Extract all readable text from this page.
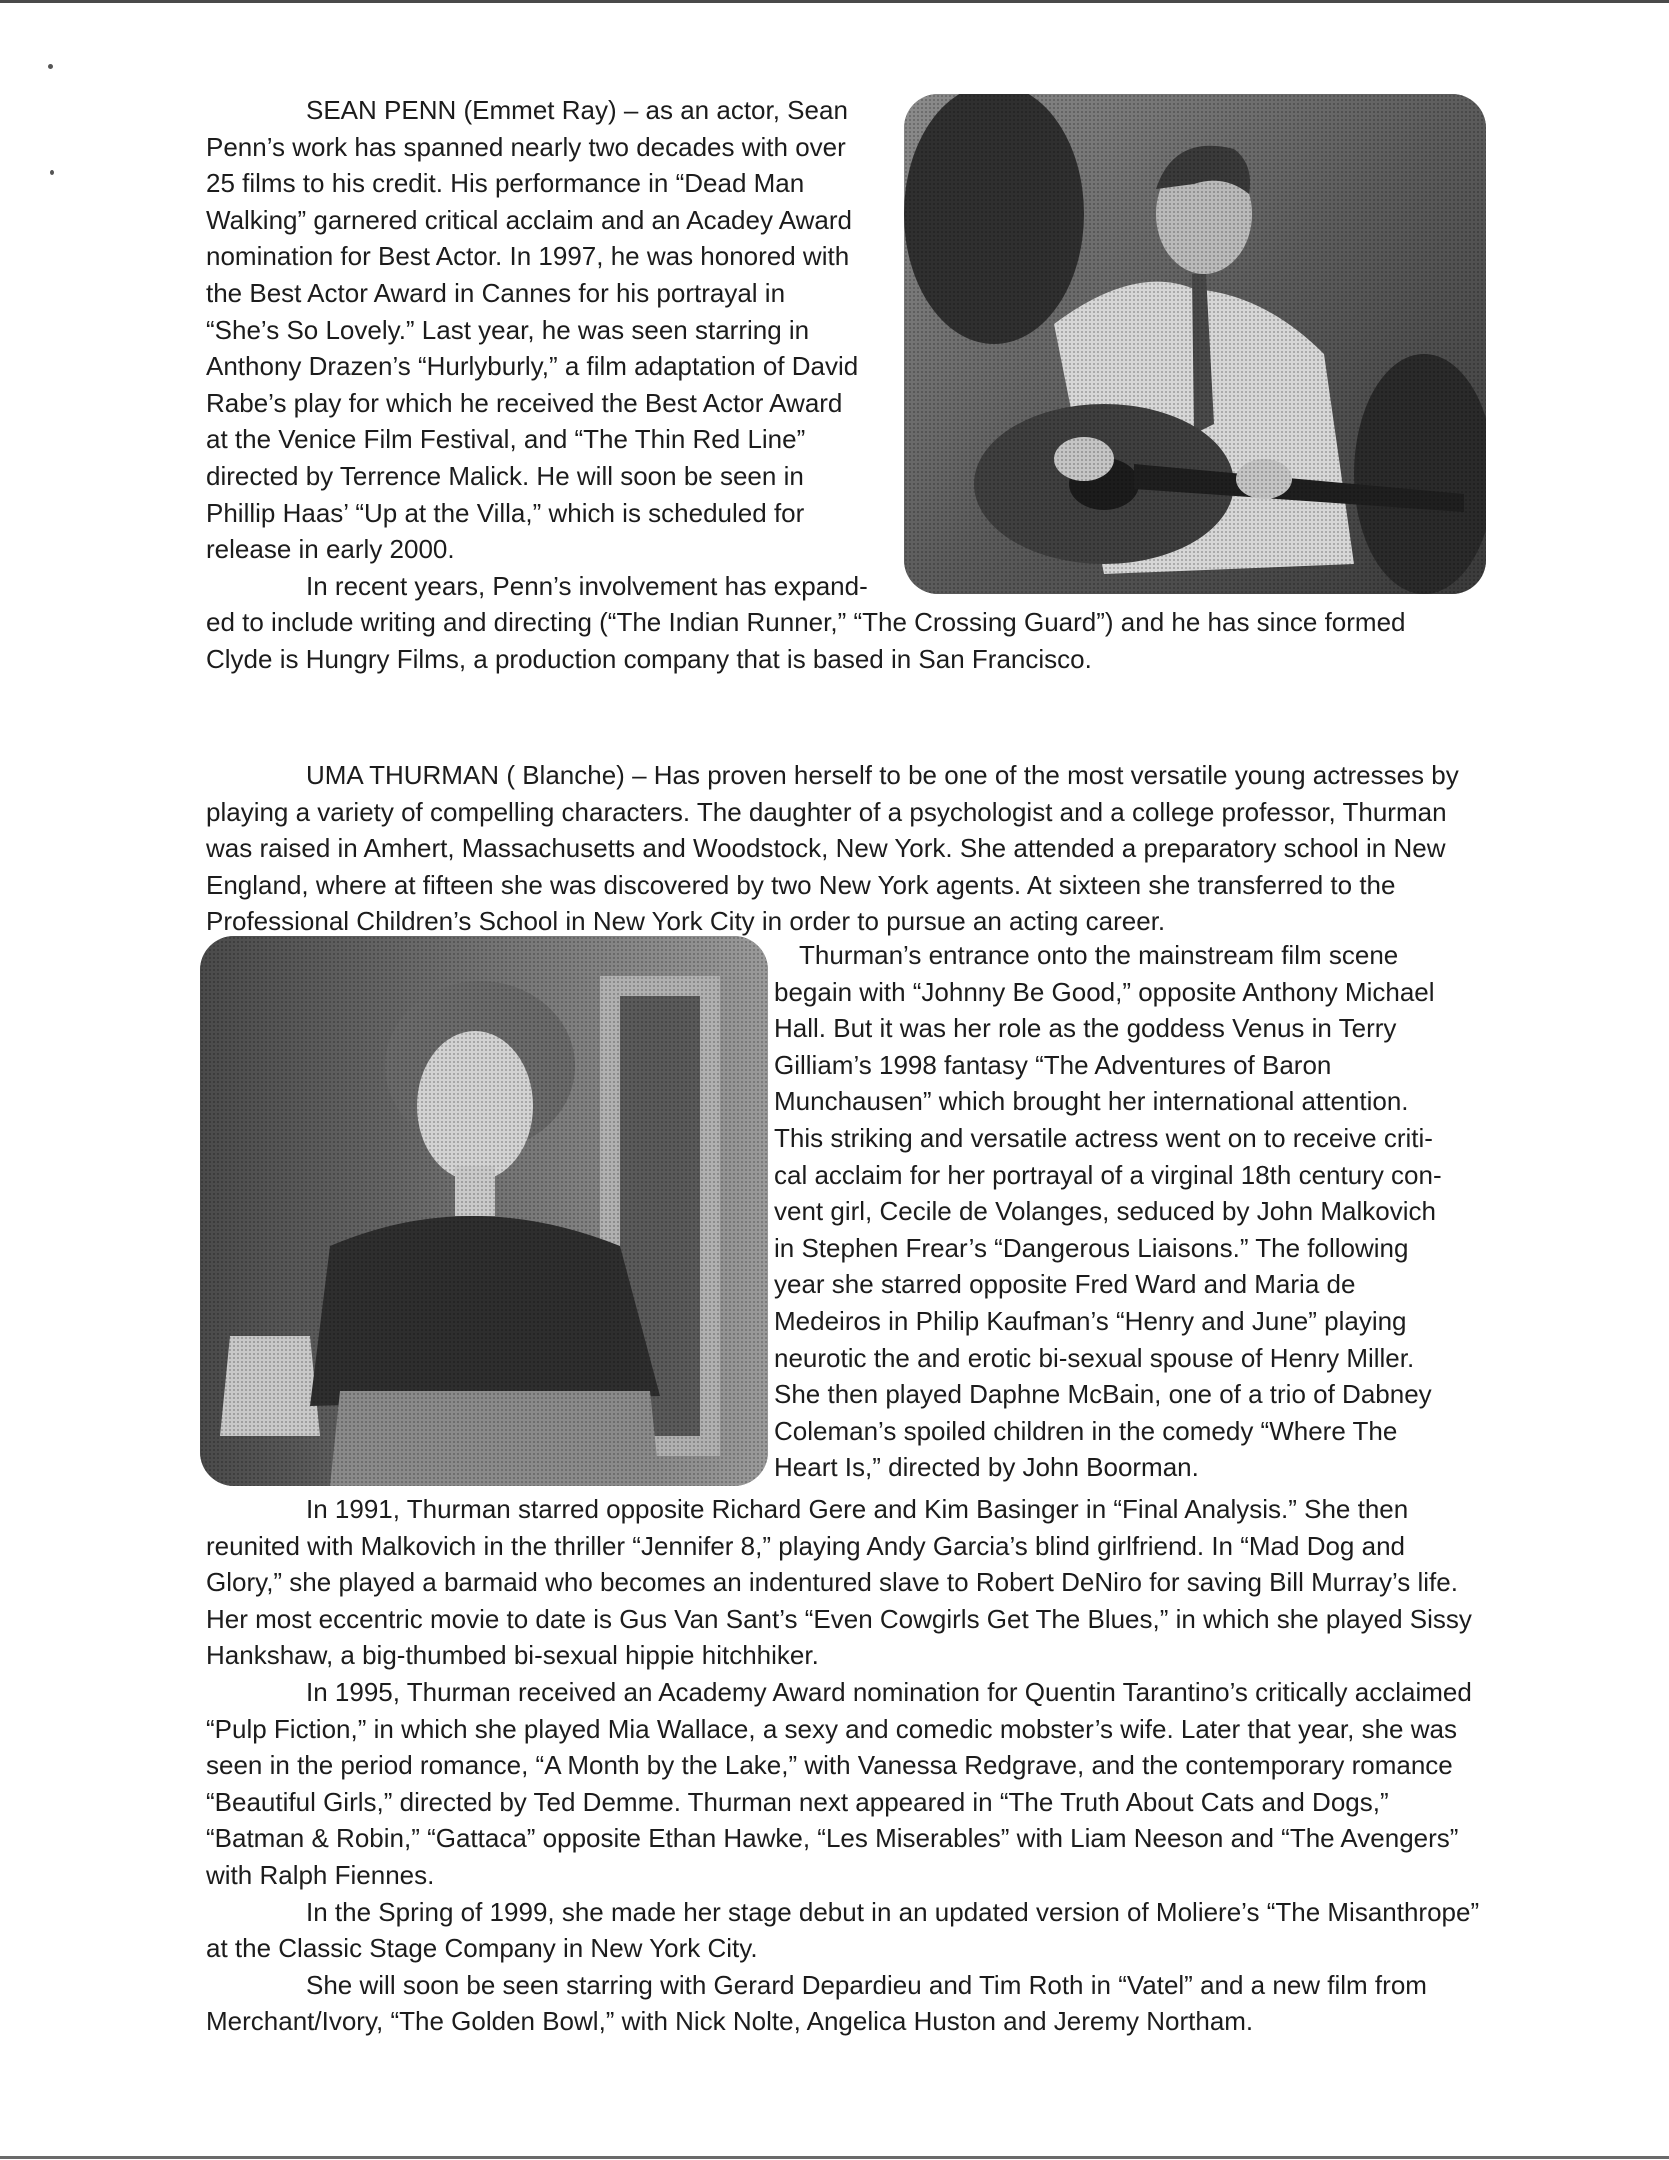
SEAN PENN (Emmet Ray) – as an actor, Sean
Penn’s work has spanned nearly two decades with over
25 films to his credit. His performance in “Dead Man
Walking” garnered critical acclaim and an Acadey Award
nomination for Best Actor. In 1997, he was honored with
the Best Actor Award in Cannes for his portrayal in
“She’s So Lovely.” Last year, he was seen starring in
Anthony Drazen’s “Hurlyburly,” a film adaptation of David
Rabe’s play for which he received the Best Actor Award
at the Venice Film Festival, and “The Thin Red Line”
directed by Terrence Malick. He will soon be seen in
Phillip Haas’ “Up at the Villa,” which is scheduled for
release in early 2000.
In recent years, Penn’s involvement has expand-
ed to include writing and directing (“The Indian Runner,” “The Crossing Guard”) and he has since formed Clyde is Hungry Films, a production company that is based in San Francisco.

UMA THURMAN ( Blanche) – Has proven herself to be one of the most versatile young actresses by playing a variety of compelling characters. The daughter of a psychologist and a college professor, Thurman was raised in Amhert, Massachusetts and Woodstock, New York. She attended a preparatory school in New England, where at fifteen she was discovered by two New York agents. At sixteen she transferred to the Professional Children’s School in New York City in order to pursue an acting career.

Thurman’s entrance onto the mainstream film scene
begain with “Johnny Be Good,” opposite Anthony Michael
Hall. But it was her role as the goddess Venus in Terry
Gilliam’s 1998 fantasy “The Adventures of Baron
Munchausen” which brought her international attention.
This striking and versatile actress went on to receive criti-
cal acclaim for her portrayal of a virginal 18th century con-
vent girl, Cecile de Volanges, seduced by John Malkovich
in Stephen Frear’s “Dangerous Liaisons.” The following
year she starred opposite Fred Ward and Maria de
Medeiros in Philip Kaufman’s “Henry and June” playing
neurotic the and erotic bi-sexual spouse of Henry Miller.
She then played Daphne McBain, one of a trio of Dabney
Coleman’s spoiled children in the comedy “Where The
Heart Is,” directed by John Boorman.

In 1991, Thurman starred opposite Richard Gere and Kim Basinger in “Final Analysis.” She then reunited with Malkovich in the thriller “Jennifer 8,” playing Andy Garcia’s blind girlfriend. In “Mad Dog and Glory,” she played a barmaid who becomes an indentured slave to Robert DeNiro for saving Bill Murray’s life. Her most eccentric movie to date is Gus Van Sant’s “Even Cowgirls Get The Blues,” in which she played Sissy Hankshaw, a big-thumbed bi-sexual hippie hitchhiker.

In 1995, Thurman received an Academy Award nomination for Quentin Tarantino’s critically acclaimed “Pulp Fiction,” in which she played Mia Wallace, a sexy and comedic mobster’s wife. Later that year, she was seen in the period romance, “A Month by the Lake,” with Vanessa Redgrave, and the contemporary romance “Beautiful Girls,” directed by Ted Demme. Thurman next appeared in “The Truth About Cats and Dogs,” “Batman & Robin,” “Gattaca” opposite Ethan Hawke, “Les Miserables” with Liam Neeson and “The Avengers” with Ralph Fiennes.

In the Spring of 1999, she made her stage debut in an updated version of Moliere’s “The Misanthrope” at the Classic Stage Company in New York City.

She will soon be seen starring with Gerard Depardieu and Tim Roth in “Vatel” and a new film from Merchant/Ivory, “The Golden Bowl,” with Nick Nolte, Angelica Huston and Jeremy Northam.
